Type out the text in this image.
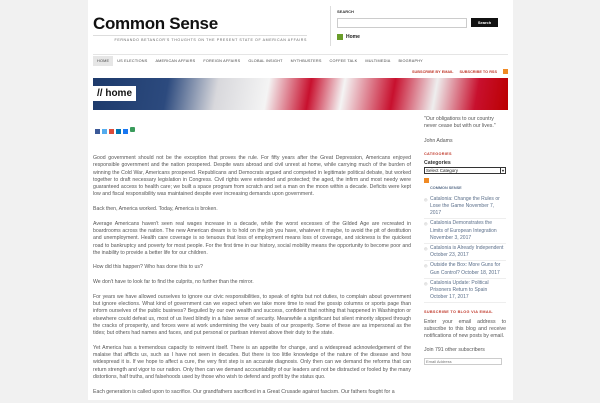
Common Sense
FERNANDO BETANCOR'S THOUGHTS ON THE PRESENT STATE OF AMERICAN AFFAIRS
SEARCH
Search
Home
HOME	US ELECTIONS	AMERICAN AFFAIRS	FOREIGN AFFAIRS	GLOBAL INSIGHT	MYTHBUSTERS	COFFEE TALK	MULTIMEDIA	BIOGRAPHY
SUBSCRIBE BY EMAIL SUBSCRIBE TO RSS
// home

Good government should not be the exception that proves the rule. For fifty years after the Great Depression, Americans enjoyed responsible government and the nation prospered. Despite wars abroad and civil unrest at home, while carrying much of the burden of winning the Cold War, Americans prospered. Republicans and Democrats argued and competed in legitimate political debate, but worked together to draft necessary legislation in Congress. Civil rights were extended and protected; the aged, the infirm and most needy were guaranteed access to health care; we built a space program from scratch and set a man on the moon within a decade. Deficits were kept low and fiscal responsibility was maintained despite ever increasing demands upon government.

Back then, America worked. Today, America is broken.

Average Americans haven't seen real wages increase in a decade, while the worst excesses of the Gilded Age are recreated in boardrooms across the nation. The new American dream is to hold on the job you have, whatever it maybe, to avoid the pit of destitution and unemployment. Health care coverage is so tenuous that loss of employment means loss of coverage, and sickness is the quickest road to bankruptcy and poverty for most people. For the first time in our history, social mobility means the opportunity to become poor and the inability to provide a better life for our children.

How did this happen? Who has done this to us?

We don't have to look far to find the culprits, no further than the mirror.

For years we have allowed ourselves to ignore our civic responsibilities, to speak of rights but not duties, to complain about government but ignore elections. What kind of government can we expect when we take more time to read the gossip columns or sports page than inform ourselves of the public business? Beguiled by our own wealth and success, confident that nothing that happened in Washington or elsewhere could defeat us, most of us lived blindly in a false sense of security. Meanwhile a significant but silent minority slipped through the cracks of prosperity, and forces were at work undermining the very basis of our prosperity. Some of these are as impersonal as the tides; but others had names and faces, and put personal or partisan interest above their duty to the state.

Yet America has a tremendous capacity to reinvent itself. There is an appetite for change, and a widespread acknowledgement of the malaise that afflicts us, such as I have not seen in decades. But there is too little knowledge of the nature of the disease and how widespread it is. If we hope to affect a cure, the very first step is an accurate diagnosis. Only then can we demand the reforms that can return strength and vigor to our nation. Only then can we demand accountability of our leaders and not be distracted or fooled by the many distortions, half truths, and falsehoods used by those who wish to defend and profit by the status quo.

Each generation is called upon to sacrifice. Our grandfathers sacrificed in a Great Crusade against fascism. Our fathers fought for a

"Our obligations to our country never cease but with our lives."
John Adams
CATEGORIES
Categories
Select Category	▾
COMMON SENSE
◎ Catalonia: Change the Rules or Lose the Game November 7, 2017
◎ Catalonia Demonstrates the Limits of European Integration November 3, 2017
◎ Catalonia is Already Independent October 23, 2017
◎ Outside the Box: More Guns for Gun Control? October 18, 2017
◎ Catalonia Update: Political Prisoners Return to Spain October 17, 2017
SUBSCRIBE TO BLOG VIA EMAIL
Enter your email address to subscribe to this blog and receive notifications of new posts by email.
Join 791 other subscribers
Email Address
